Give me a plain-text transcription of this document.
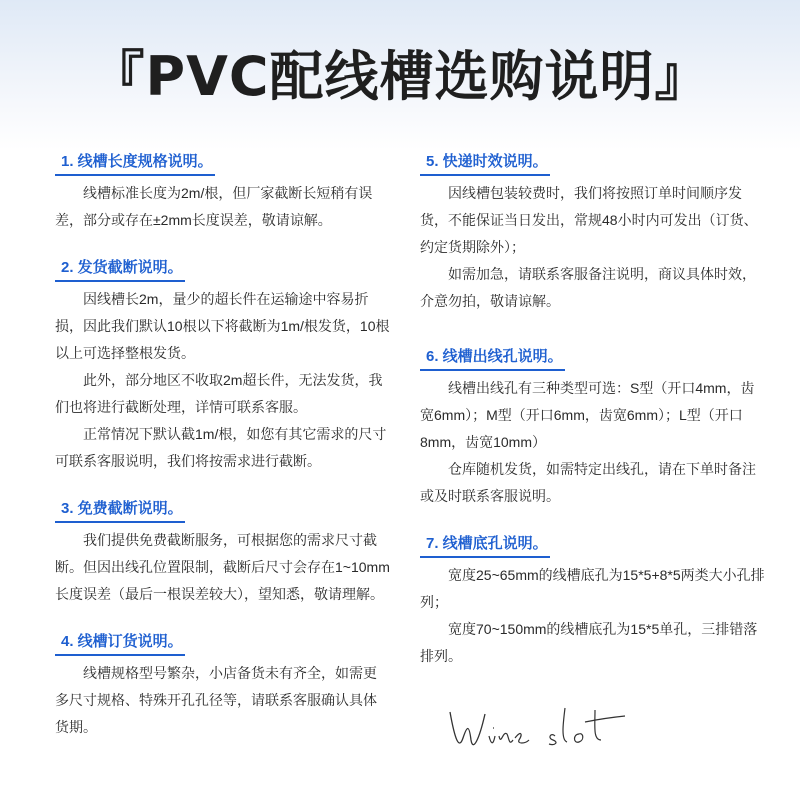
『PVC配线槽选购说明』
1. 线槽长度规格说明。

线槽标准长度为2m/根，但厂家截断长短稍有误差，部分或存在±2mm长度误差，敬请谅解。

2. 发货截断说明。

因线槽长2m，量少的超长件在运输途中容易折损，因此我们默认10根以下将截断为1m/根发货，10根以上可选择整根发货。

此外，部分地区不收取2m超长件，无法发货，我们也将进行截断处理，详情可联系客服。

正常情况下默认截1m/根，如您有其它需求的尺寸可联系客服说明，我们将按需求进行截断。

3. 免费截断说明。

我们提供免费截断服务，可根据您的需求尺寸截断。但因出线孔位置限制，截断后尺寸会存在1~10mm长度误差（最后一根误差较大），望知悉，敬请理解。

4. 线槽订货说明。

线槽规格型号繁杂，小店备货未有齐全，如需更多尺寸规格、特殊开孔孔径等，请联系客服确认具体货期。

5. 快递时效说明。

因线槽包装较费时，我们将按照订单时间顺序发货，不能保证当日发出，常规48小时内可发出（订货、约定货期除外）；

如需加急，请联系客服备注说明，商议具体时效，介意勿拍，敬请谅解。

6. 线槽出线孔说明。

线槽出线孔有三种类型可选：S型（开口4mm，齿宽6mm）；M型（开口6mm，齿宽6mm）；L型（开口8mm，齿宽10mm）

仓库随机发货，如需特定出线孔，请在下单时备注或及时联系客服说明。

7. 线槽底孔说明。

宽度25~65mm的线槽底孔为15*5+8*5两类大小孔排列；

宽度70~150mm的线槽底孔为15*5单孔，三排错落排列。
